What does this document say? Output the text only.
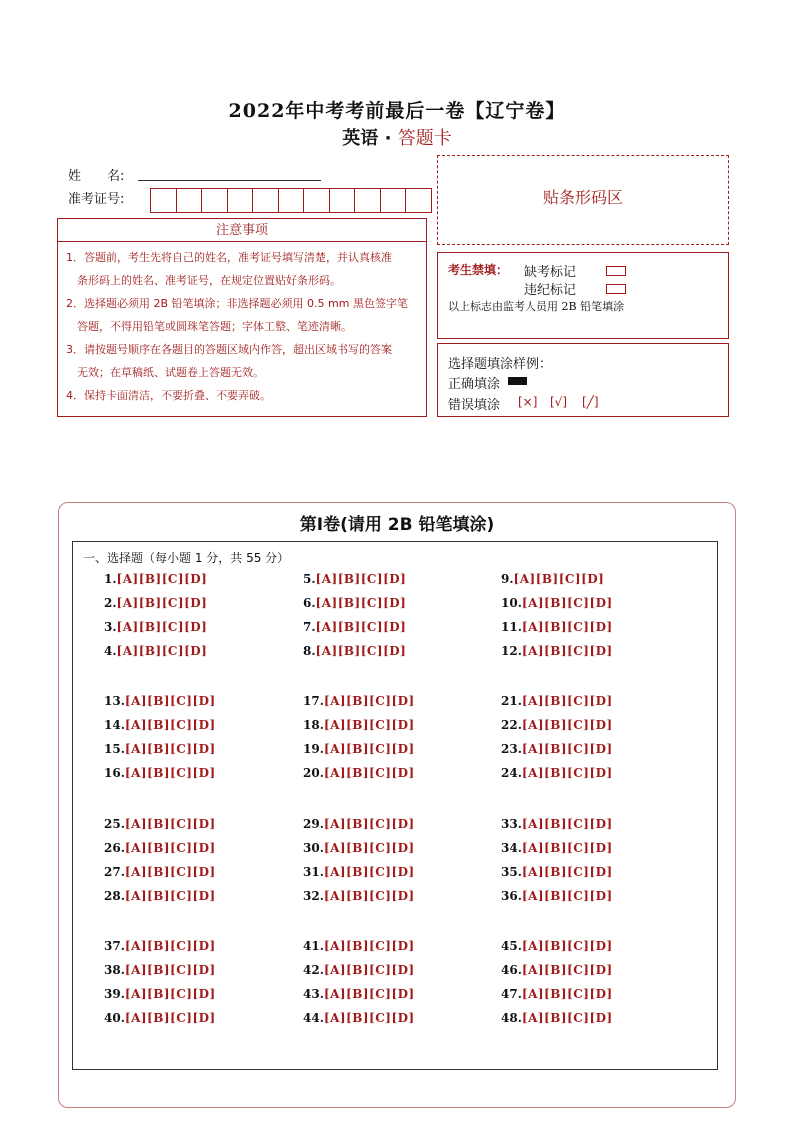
2022年中考考前最后一卷【辽宁卷】
英语 · 答题卡
姓　　名:
准考证号:
注意事项
1．答题前，考生先将自己的姓名，准考证号填写清楚，并认真核准
　条形码上的姓名、准考证号，在规定位置贴好条形码。
2．选择题必须用 2B 铅笔填涂；非选择题必须用 0.5 mm 黑色签字笔
　答题，不得用铅笔或圆珠笔答题；字体工整、笔迹清晰。
3．请按题号顺序在各题目的答题区域内作答，超出区域书写的答案
　无效；在草稿纸、试题卷上答题无效。
4．保持卡面清洁，不要折叠、不要弄破。
贴条形码区
考生禁填： 缺考标记
违纪标记
以上标志由监考人员用 2B 铅笔填涂
选择题填涂样例：
正确填涂
错误填涂 [×] [√] [╱]
第Ⅰ卷(请用 2B 铅笔填涂)
一、选择题（每小题 1 分，共 55 分）
1.[A][B][C][D]
2.[A][B][C][D]
3.[A][B][C][D]
4.[A][B][C][D]
5.[A][B][C][D]
6.[A][B][C][D]
7.[A][B][C][D]
8.[A][B][C][D]
9.[A][B][C][D]
10.[A][B][C][D]
11.[A][B][C][D]
12.[A][B][C][D]
13.[A][B][C][D]
14.[A][B][C][D]
15.[A][B][C][D]
16.[A][B][C][D]
17.[A][B][C][D]
18.[A][B][C][D]
19.[A][B][C][D]
20.[A][B][C][D]
21.[A][B][C][D]
22.[A][B][C][D]
23.[A][B][C][D]
24.[A][B][C][D]
25.[A][B][C][D]
26.[A][B][C][D]
27.[A][B][C][D]
28.[A][B][C][D]
29.[A][B][C][D]
30.[A][B][C][D]
31.[A][B][C][D]
32.[A][B][C][D]
33.[A][B][C][D]
34.[A][B][C][D]
35.[A][B][C][D]
36.[A][B][C][D]
37.[A][B][C][D]
38.[A][B][C][D]
39.[A][B][C][D]
40.[A][B][C][D]
41.[A][B][C][D]
42.[A][B][C][D]
43.[A][B][C][D]
44.[A][B][C][D]
45.[A][B][C][D]
46.[A][B][C][D]
47.[A][B][C][D]
48.[A][B][C][D]
